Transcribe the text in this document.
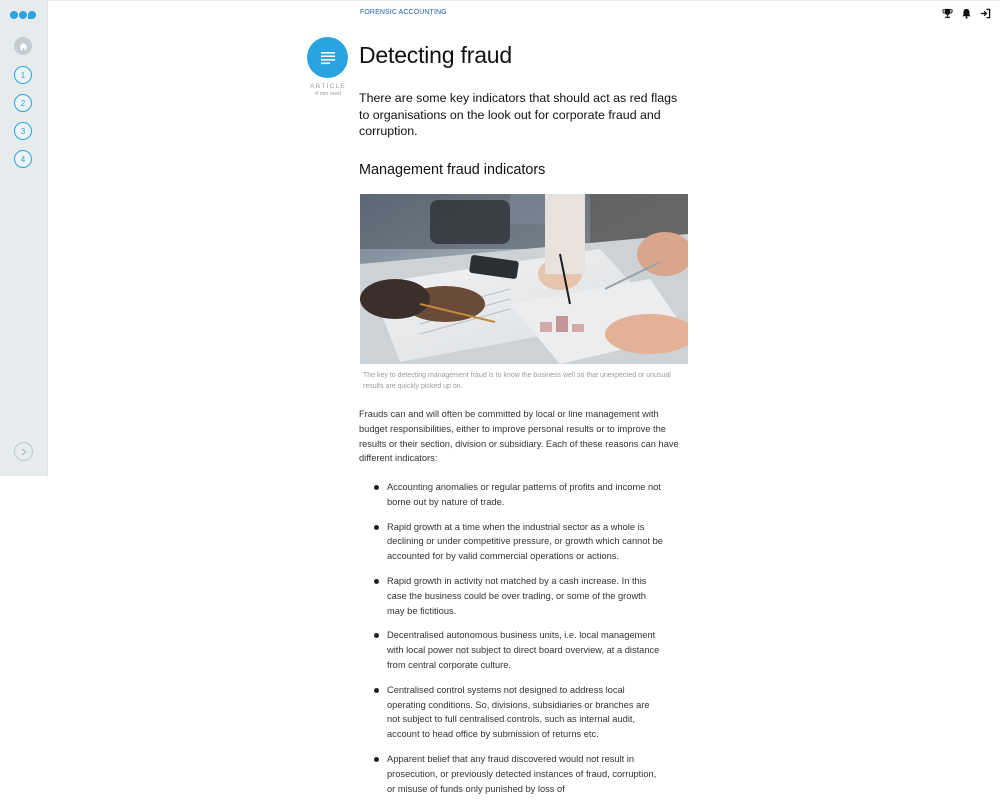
1
2
3
4
FORENSIC ACCOUNTING
ARTICLE
4 min read
Detecting fraud

There are some key indicators that should act as red flags to organisations on the look out for corporate fraud and corruption.

Management fraud indicators
The key to detecting management fraud is to know the business well so that unexpected or unusual results are quickly picked up on.

Frauds can and will often be committed by local or line management with budget responsibilities, either to improve personal results or to improve the results or their section, division or subsidiary. Each of these reasons can have different indicators:

Accounting anomalies or regular patterns of profits and income not borne out by nature of trade.
Rapid growth at a time when the industrial sector as a whole is declining or under competitive pressure, or growth which cannot be accounted for by valid commercial operations or actions.
Rapid growth in activity not matched by a cash increase. In this case the business could be over trading, or some of the growth may be fictitious.
Decentralised autonomous business units, i.e. local management with local power not subject to direct board overview, at a distance from central corporate culture.
Centralised control systems not designed to address local operating conditions. So, divisions, subsidiaries or branches are not subject to full centralised controls, such as internal audit, account to head office by submission of returns etc.
Apparent belief that any fraud discovered would not result in prosecution, or previously detected instances of fraud, corruption, or misuse of funds only punished by loss of
